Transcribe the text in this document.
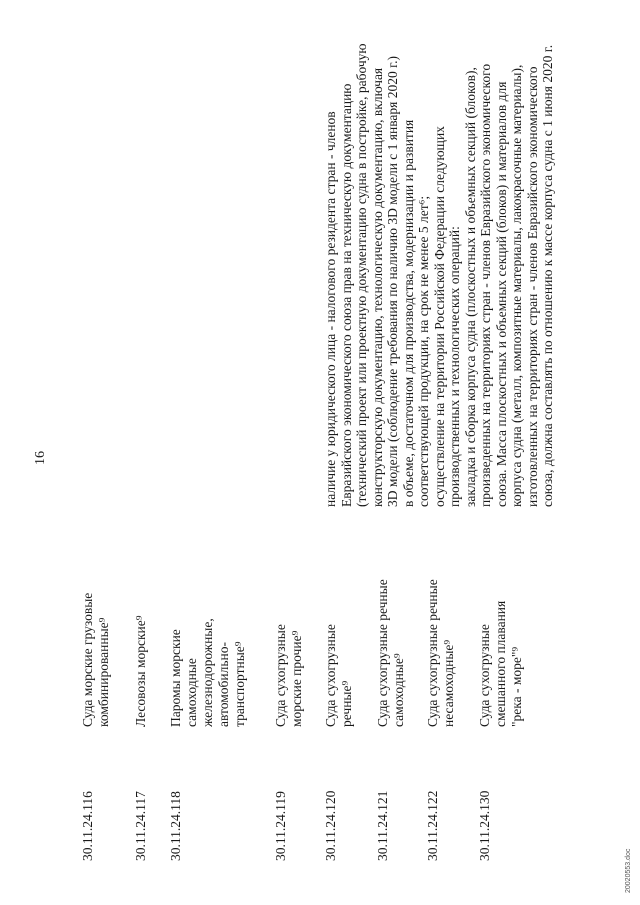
16
30.11.24.116
Суда морские грузовые комбинированные⁹
30.11.24.117
Лесовозы морские⁹
30.11.24.118
Паромы морские самоходные железнодорожные, автомобильно- транспортные⁹
30.11.24.119
Суда сухогрузные морские прочие⁹
30.11.24.120
Суда сухогрузные речные⁹
30.11.24.121
Суда сухогрузные речные самоходные⁹
30.11.24.122
Суда сухогрузные речные несамоходные⁹
30.11.24.130
Суда сухогрузные смешанного плавания "река - море"⁹
наличие у юридического лица - налогового резидента стран - членов Евразийского экономического союза прав на техническую документацию (технический проект или проектную документацию судна в постройке, рабочую конструкторскую документацию, технологическую документацию, включая 3D модели (соблюдение требования по наличию 3D модели с 1 января 2020 г.) в объеме, достаточном для производства, модернизации и развития соответствующей продукции, на срок не менее 5 лет⁶; осуществление на территории Российской Федерации следующих производственных и технологических операций: закладка и сборка корпуса судна (плоскостных и объемных секций (блоков), произведенных на территориях стран - членов Евразийского экономического союза. Масса плоскостных и объемных секций (блоков) и материалов для корпуса судна (металл, композитные материалы, лакокрасочные материалы), изготовленных на территориях стран - членов Евразийского экономического союза, должна составлять по отношению к массе корпуса судна с 1 июня 2020 г.
20020553.doc
